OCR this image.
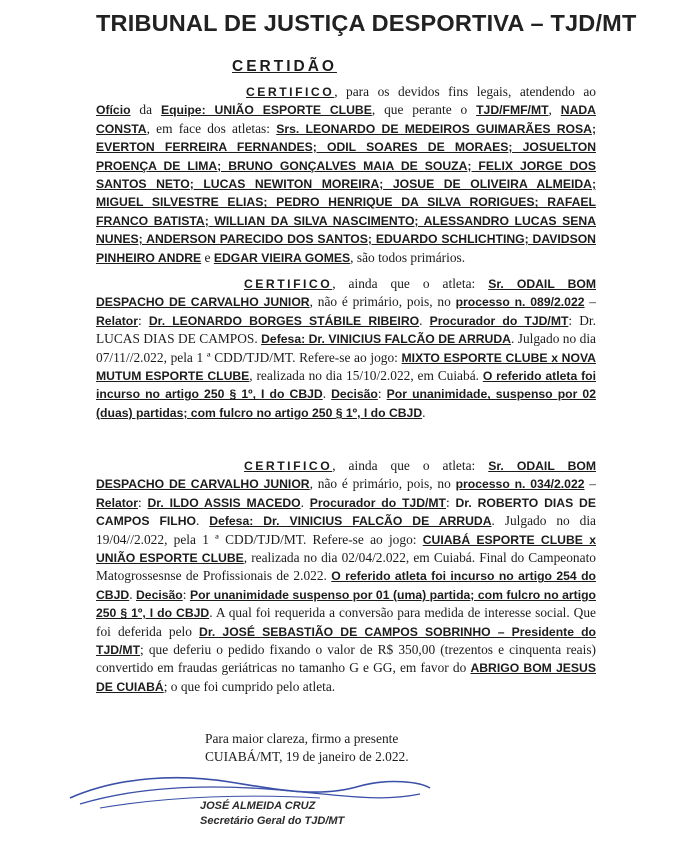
TRIBUNAL DE JUSTIÇA DESPORTIVA – TJD/MT
CERTIDÃO
CERTIFICO, para os devidos fins legais, atendendo ao Ofício da Equipe: UNIÃO ESPORTE CLUBE, que perante o TJD/FMF/MT, NADA CONSTA, em face dos atletas: Srs. LEONARDO DE MEDEIROS GUIMARÃES ROSA; EVERTON FERREIRA FERNANDES; ODIL SOARES DE MORAES; JOSUELTON PROENÇA DE LIMA; BRUNO GONÇALVES MAIA DE SOUZA; FELIX JORGE DOS SANTOS NETO; LUCAS NEWITON MOREIRA; JOSUE DE OLIVEIRA ALMEIDA; MIGUEL SILVESTRE ELIAS; PEDRO HENRIQUE DA SILVA RORIGUES; RAFAEL FRANCO BATISTA; WILLIAN DA SILVA NASCIMENTO; ALESSANDRO LUCAS SENA NUNES; ANDERSON PARECIDO DOS SANTOS; EDUARDO SCHLICHTING; DAVIDSON PINHEIRO ANDRE e EDGAR VIEIRA GOMES, são todos primários.
CERTIFICO, ainda que o atleta: Sr. ODAIL BOM DESPACHO DE CARVALHO JUNIOR, não é primário, pois, no processo n. 089/2.022 – Relator: Dr. LEONARDO BORGES STÁBILE RIBEIRO. Procurador do TJD/MT: Dr. LUCAS DIAS DE CAMPOS. Defesa: Dr. VINICIUS FALCÃO DE ARRUDA. Julgado no dia 07/11//2.022, pela 1 ª CDD/TJD/MT. Refere-se ao jogo: MIXTO ESPORTE CLUBE x NOVA MUTUM ESPORTE CLUBE, realizada no dia 15/10/2.022, em Cuiabá. O referido atleta foi incurso no artigo 250 § 1º, I do CBJD. Decisão: Por unanimidade, suspenso por 02 (duas) partidas; com fulcro no artigo 250 § 1º, I do CBJD.
CERTIFICO, ainda que o atleta: Sr. ODAIL BOM DESPACHO DE CARVALHO JUNIOR, não é primário, pois, no processo n. 034/2.022 – Relator: Dr. ILDO ASSIS MACEDO. Procurador do TJD/MT: Dr. ROBERTO DIAS DE CAMPOS FILHO. Defesa: Dr. VINICIUS FALCÃO DE ARRUDA. Julgado no dia 19/04//2.022, pela 1 ª CDD/TJD/MT. Refere-se ao jogo: CUIABÁ ESPORTE CLUBE x UNIÃO ESPORTE CLUBE, realizada no dia 02/04/2.022, em Cuiabá. Final do Campeonato Matogrossesnse de Profissionais de 2.022. O referido atleta foi incurso no artigo 254 do CBJD. Decisão: Por unanimidade suspenso por 01 (uma) partida; com fulcro no artigo 250 § 1º, I do CBJD. A qual foi requerida a conversão para medida de interesse social. Que foi deferida pelo Dr. JOSÉ SEBASTIÃO DE CAMPOS SOBRINHO – Presidente do TJD/MT; que deferiu o pedido fixando o valor de R$ 350,00 (trezentos e cinquenta reais) convertido em fraudas geriátricas no tamanho G e GG, em favor do ABRIGO BOM JESUS DE CUIABÁ; o que foi cumprido pelo atleta.
Para maior clareza, firmo a presente
CUIABÁ/MT, 19 de janeiro de 2.022.
JOSÉ ALMEIDA CRUZ
Secretário Geral do TJD/MT
